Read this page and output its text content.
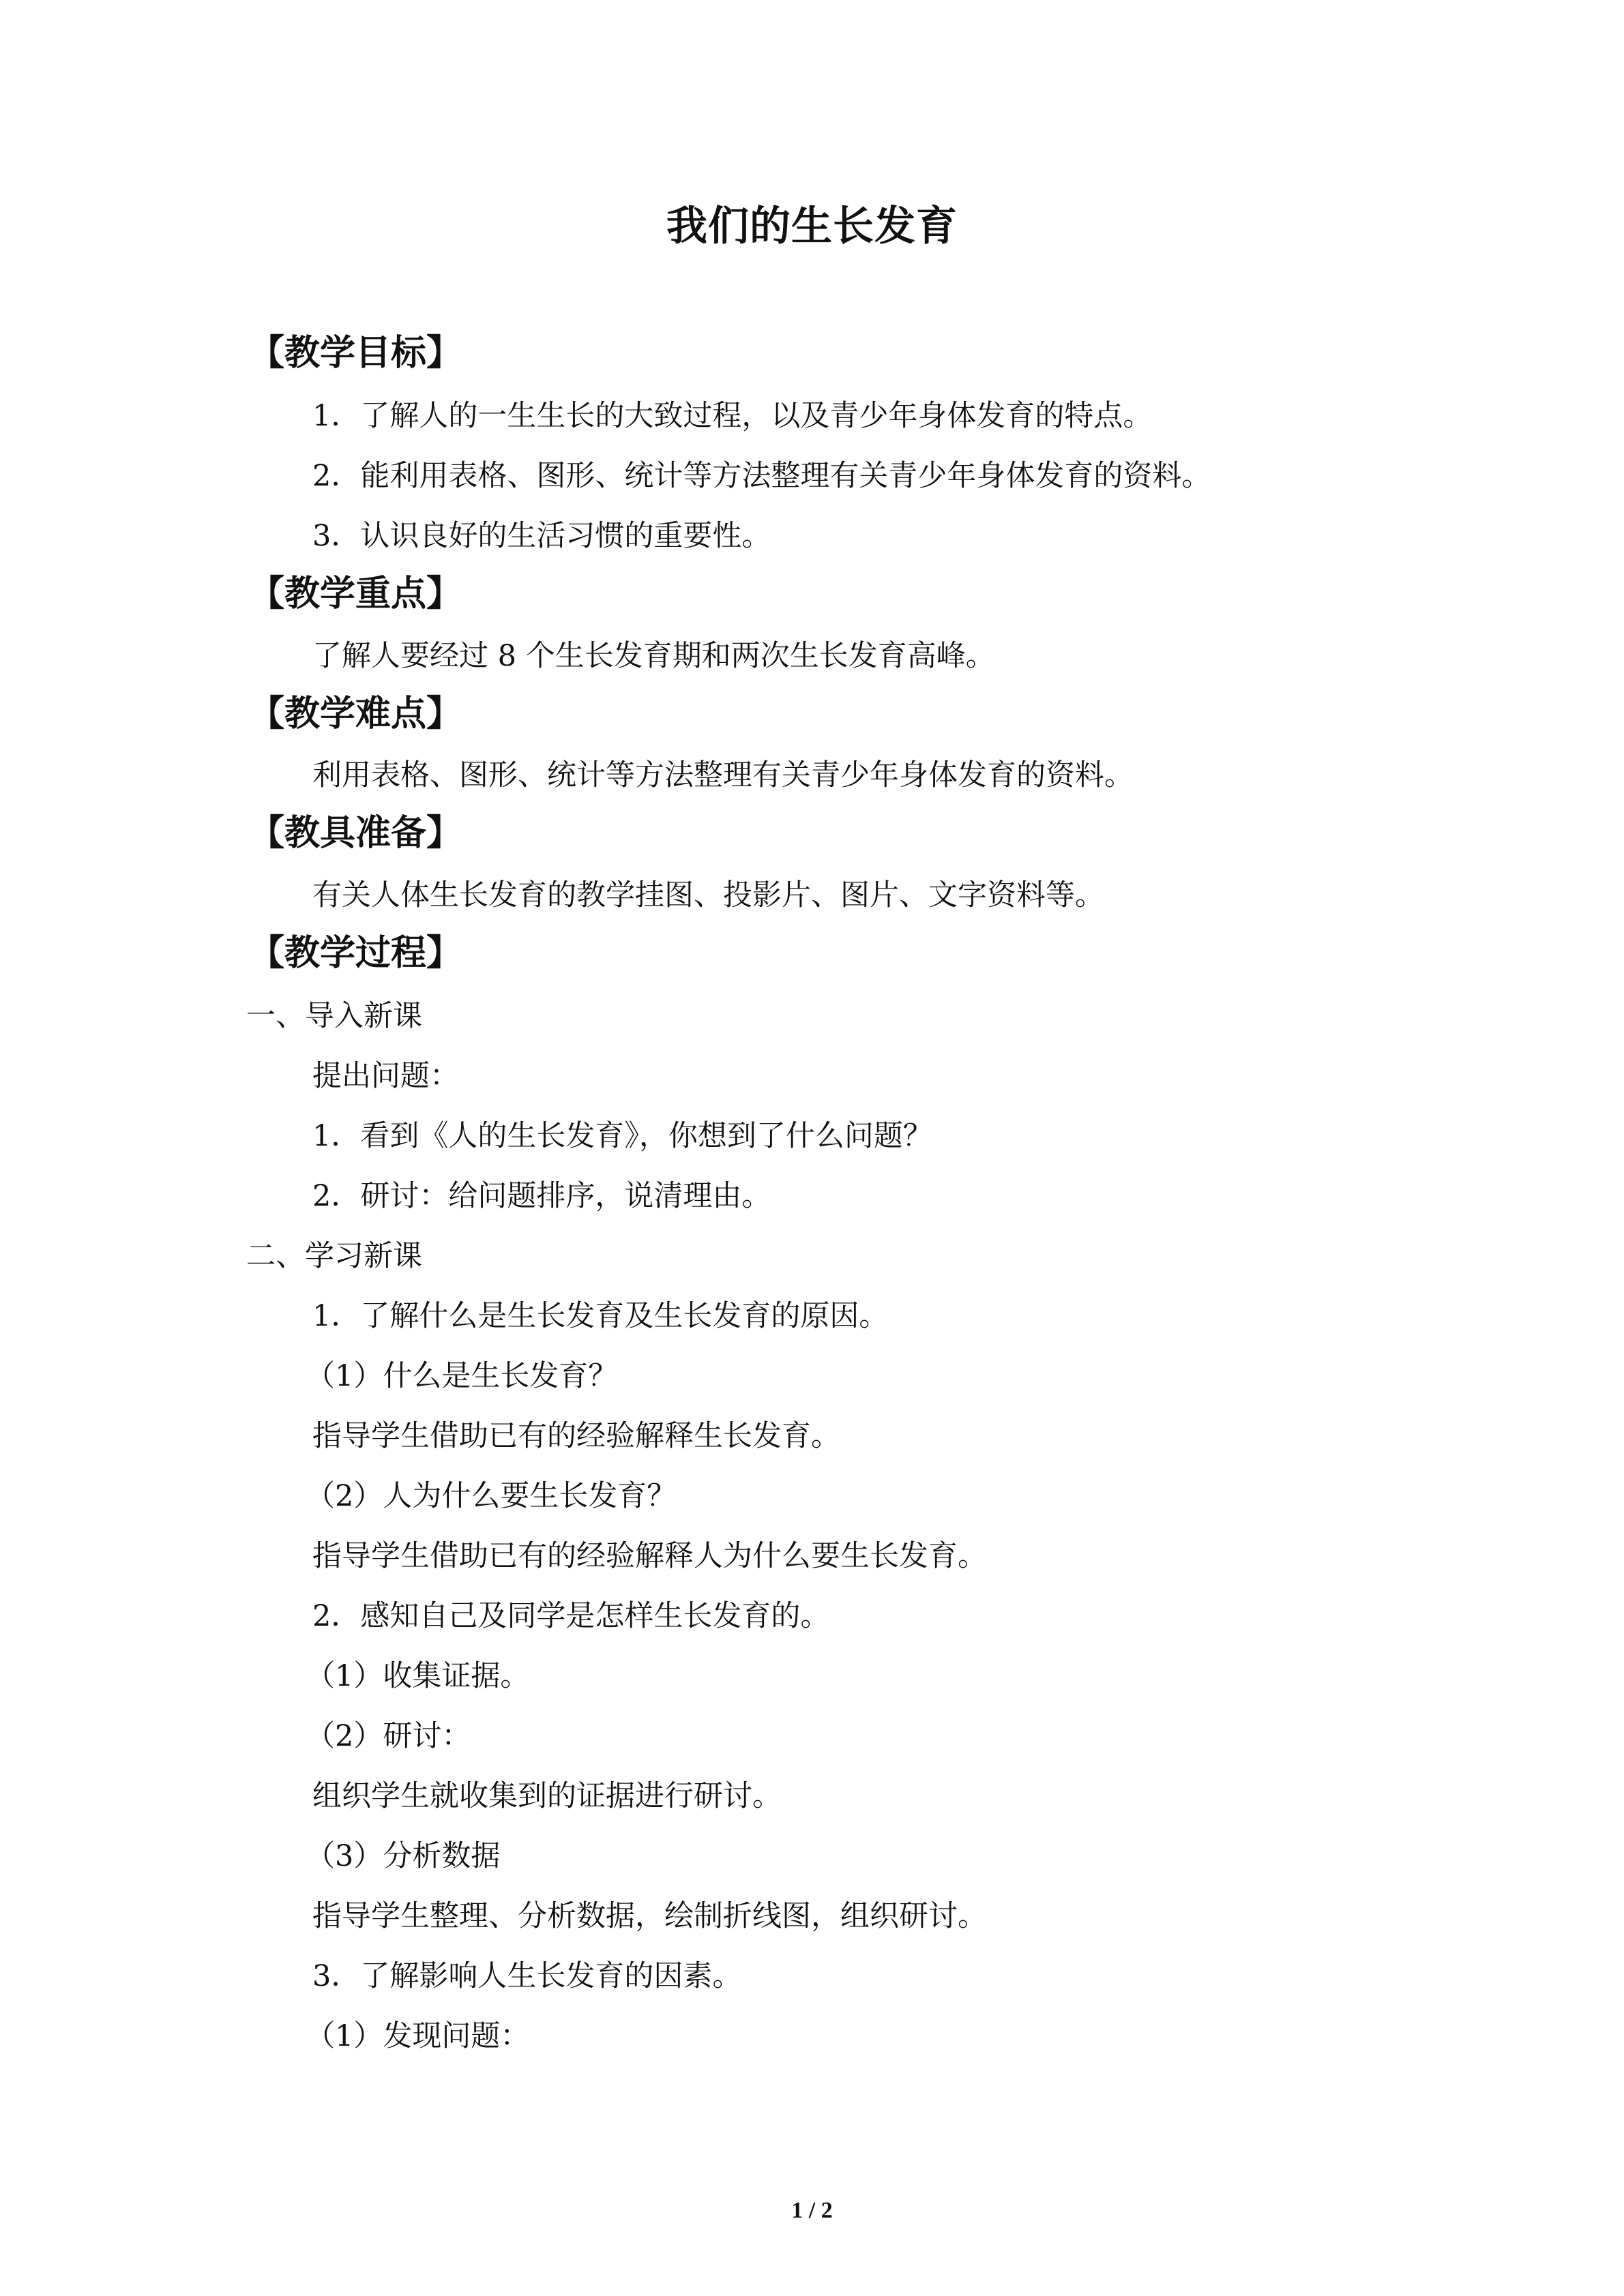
我们的生长发育
【教学目标】
1．了解人的一生生长的大致过程，以及青少年身体发育的特点。
2．能利用表格、图形、统计等方法整理有关青少年身体发育的资料。
3．认识良好的生活习惯的重要性。
【教学重点】
了解人要经过 8 个生长发育期和两次生长发育高峰。
【教学难点】
利用表格、图形、统计等方法整理有关青少年身体发育的资料。
【教具准备】
有关人体生长发育的教学挂图、投影片、图片、文字资料等。
【教学过程】
一、导入新课
提出问题：
1．看到《人的生长发育》，你想到了什么问题？
2．研讨：给问题排序，说清理由。
二、学习新课
1．了解什么是生长发育及生长发育的原因。
（1）什么是生长发育？
指导学生借助已有的经验解释生长发育。
（2）人为什么要生长发育？
指导学生借助已有的经验解释人为什么要生长发育。
2．感知自己及同学是怎样生长发育的。
（1）收集证据。
（2）研讨：
组织学生就收集到的证据进行研讨。
（3）分析数据
指导学生整理、分析数据，绘制折线图，组织研讨。
3．了解影响人生长发育的因素。
（1）发现问题：
1 / 2
